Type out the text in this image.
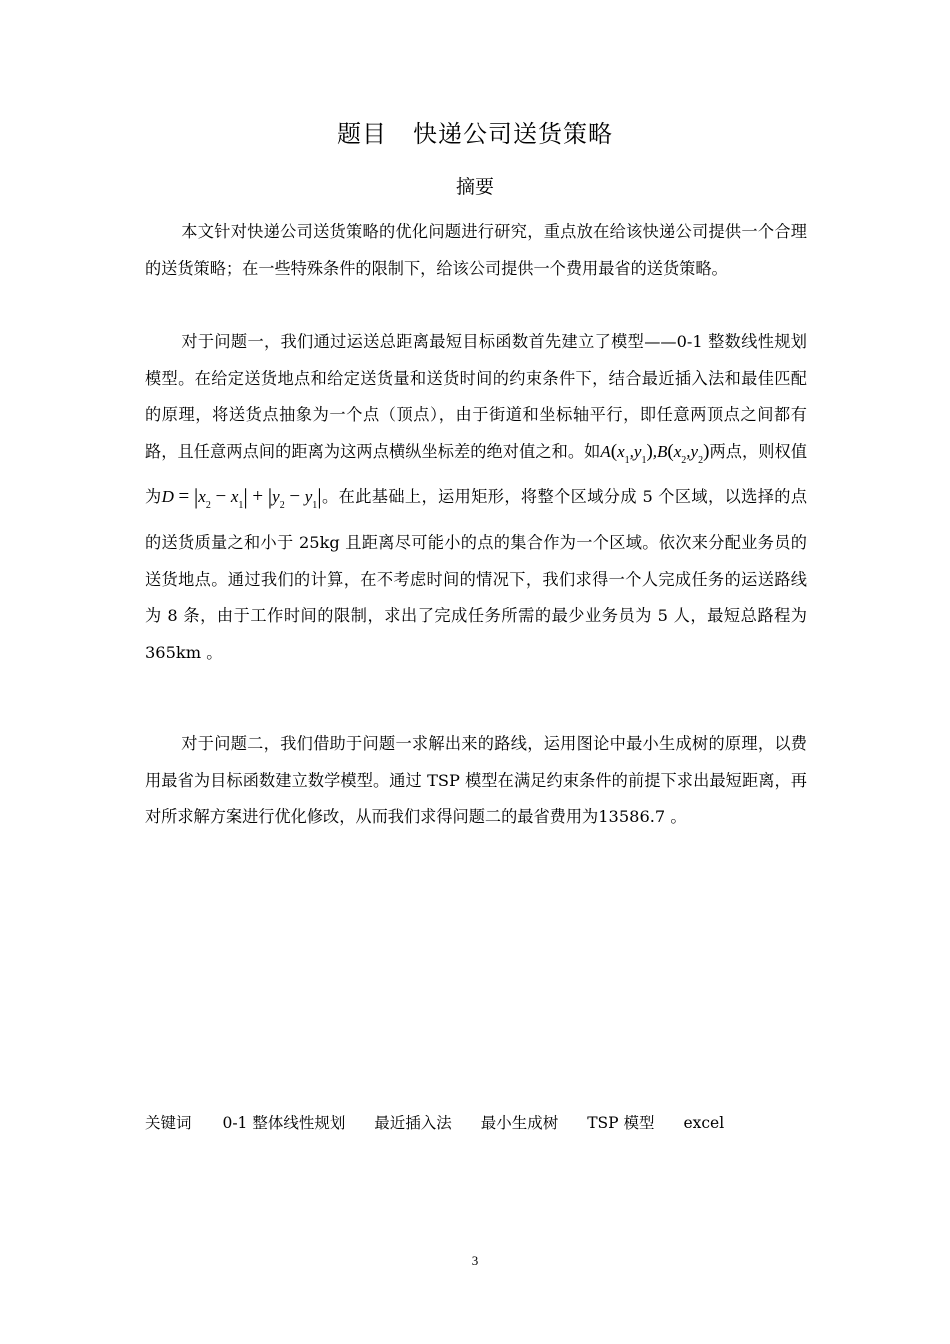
题目 快递公司送货策略
摘要

本文针对快递公司送货策略的优化问题进行研究，重点放在给该快递公司提供一个合理的送货策略；在一些特殊条件的限制下，给该公司提供一个费用最省的送货策略。

对于问题一，我们通过运送总距离最短目标函数首先建立了模型——0-1 整数线性规划模型。在给定送货地点和给定送货量和送货时间的约束条件下，结合最近插入法和最佳匹配的原理，将送货点抽象为一个点（顶点），由于街道和坐标轴平行，即任意两顶点之间都有路，且任意两点间的距离为这两点横纵坐标差的绝对值之和。如$A(x_1,y_1),B(x_2,y_2)$两点，则权值为$D = |x_2 - x_1| + |y_2 - y_1|$。在此基础上，运用矩形，将整个区域分成 5 个区域，以选择的点的送货质量之和小于 25kg 且距离尽可能小的点的集合作为一个区域。依次来分配业务员的送货地点。通过我们的计算，在不考虑时间的情况下，我们求得一个人完成任务的运送路线为 8 条，由于工作时间的限制，求出了完成任务所需的最少业务员为 5 人，最短总路程为 365km 。

对于问题二，我们借助于问题一求解出来的路线，运用图论中最小生成树的原理，以费用最省为目标函数建立数学模型。通过 TSP 模型在满足约束条件的前提下求出最短距离，再对所求解方案进行优化修改，从而我们求得问题二的最省费用为13586.7 。

关键词 0-1 整体线性规划 最近插入法 最小生成树 TSP 模型 excel
3
